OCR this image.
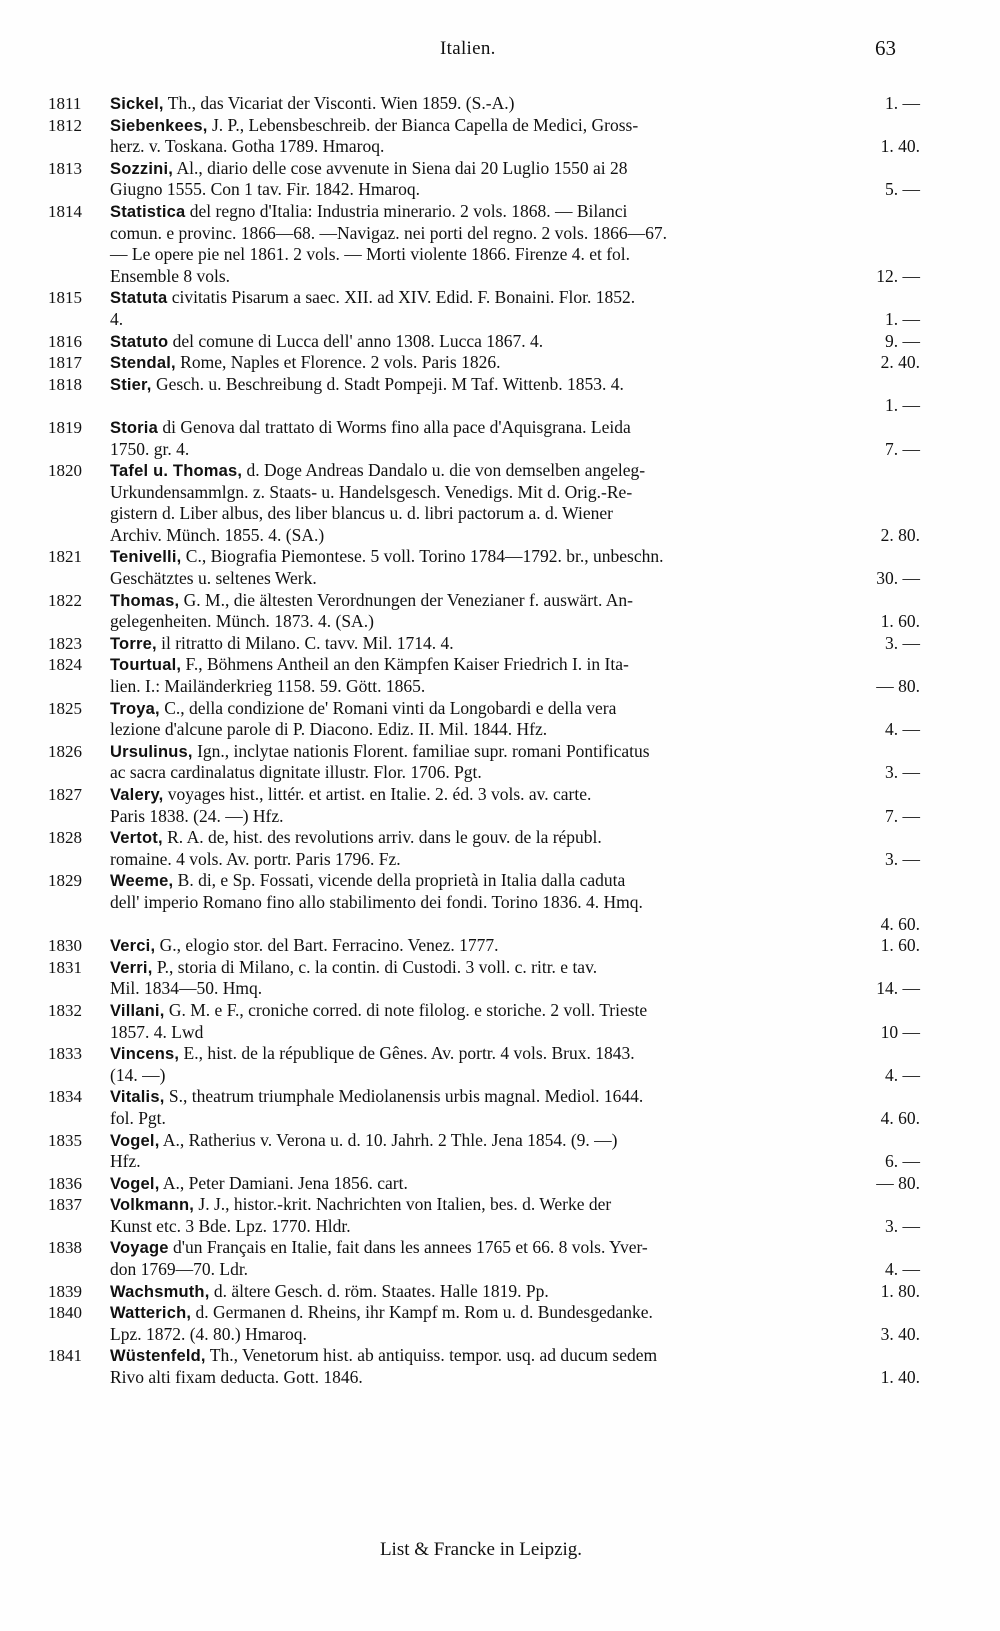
Italien.	63
1811	Sickel, Th., das Vicariat der Visconti. Wien 1859. (S.-A.)	1. —
1812	Siebenkees, J. P., Lebensbeschreib. der Bianca Capella de Medici, Gross-
herz. v. Toskana. Gotha 1789. Hmaroq.	1. 40.
1813	Sozzini, Al., diario delle cose avvenute in Siena dai 20 Luglio 1550 ai 28
Giugno 1555. Con 1 tav. Fir. 1842. Hmaroq.	5. —
1814	Statistica del regno d'Italia: Industria minerario. 2 vols. 1868. — Bilanci
comun. e provinc. 1866—68. —Navigaz. nei porti del regno. 2 vols. 1866—67.
— Le opere pie nel 1861. 2 vols. — Morti violente 1866. Firenze 4. et fol.
Ensemble 8 vols.	12. —
1815	Statuta civitatis Pisarum a saec. XII. ad XIV. Edid. F. Bonaini. Flor. 1852.
4.	1. —
1816	Statuto del comune di Lucca dell' anno 1308. Lucca 1867. 4.	9. —
1817	Stendal, Rome, Naples et Florence. 2 vols. Paris 1826.	2. 40.
1818	Stier, Gesch. u. Beschreibung d. Stadt Pompeji. M Taf. Wittenb. 1853. 4.
1. —
1819	Storia di Genova dal trattato di Worms fino alla pace d'Aquisgrana. Leida
1750. gr. 4.	7. —
1820	Tafel u. Thomas, d. Doge Andreas Dandalo u. die von demselben angeleg-
Urkundensammlgn. z. Staats- u. Handelsgesch. Venedigs. Mit d. Orig.-Re-
gistern d. Liber albus, des liber blancus u. d. libri pactorum a. d. Wiener
Archiv. Münch. 1855. 4. (SA.)	2. 80.
1821	Tenivelli, C., Biografia Piemontese. 5 voll. Torino 1784—1792. br., unbeschn.
Geschätztes u. seltenes Werk.	30. —
1822	Thomas, G. M., die ältesten Verordnungen der Venezianer f. auswärt. An-
gelegenheiten. Münch. 1873. 4. (SA.)	1. 60.
1823	Torre, il ritratto di Milano. C. tavv. Mil. 1714. 4.	3. —
1824	Tourtual, F., Böhmens Antheil an den Kämpfen Kaiser Friedrich I. in Ita-
lien. I.: Mailänderkrieg 1158. 59. Gött. 1865.	— 80.
1825	Troya, C., della condizione de' Romani vinti da Longobardi e della vera
lezione d'alcune parole di P. Diacono. Ediz. II. Mil. 1844. Hfz.	4. —
1826	Ursulinus, Ign., inclytae nationis Florent. familiae supr. romani Pontificatus
ac sacra cardinalatus dignitate illustr. Flor. 1706. Pgt.	3. —
1827	Valery, voyages hist., littér. et artist. en Italie. 2. éd. 3 vols. av. carte.
Paris 1838. (24. —) Hfz.	7. —
1828	Vertot, R. A. de, hist. des revolutions arriv. dans le gouv. de la républ.
romaine. 4 vols. Av. portr. Paris 1796. Fz.	3. —
1829	Weeme, B. di, e Sp. Fossati, vicende della proprietà in Italia dalla caduta
dell' imperio Romano fino allo stabilimento dei fondi. Torino 1836. 4. Hmq.
4. 60.
1830	Verci, G., elogio stor. del Bart. Ferracino. Venez. 1777.	1. 60.
1831	Verri, P., storia di Milano, c. la contin. di Custodi. 3 voll. c. ritr. e tav.
Mil. 1834—50. Hmq.	14. —
1832	Villani, G. M. e F., croniche corred. di note filolog. e storiche. 2 voll. Trieste
1857. 4. Lwd	10 —
1833	Vincens, E., hist. de la république de Gênes. Av. portr. 4 vols. Brux. 1843.
(14. —)	4. —
1834	Vitalis, S., theatrum triumphale Mediolanensis urbis magnal. Mediol. 1644.
fol. Pgt.	4. 60.
1835	Vogel, A., Ratherius v. Verona u. d. 10. Jahrh. 2 Thle. Jena 1854. (9. —)
Hfz.	6. —
1836	Vogel, A., Peter Damiani. Jena 1856. cart.	— 80.
1837	Volkmann, J. J., histor.-krit. Nachrichten von Italien, bes. d. Werke der
Kunst etc. 3 Bde. Lpz. 1770. Hldr.	3. —
1838	Voyage d'un Français en Italie, fait dans les annees 1765 et 66. 8 vols. Yver-
don 1769—70. Ldr.	4. —
1839	Wachsmuth, d. ältere Gesch. d. röm. Staates. Halle 1819. Pp.	1. 80.
1840	Watterich, d. Germanen d. Rheins, ihr Kampf m. Rom u. d. Bundesgedanke.
Lpz. 1872. (4. 80.) Hmaroq.	3. 40.
1841	Wüstenfeld, Th., Venetorum hist. ab antiquiss. tempor. usq. ad ducum sedem
Rivo alti fixam deducta. Gott. 1846.	1. 40.
List & Francke in Leipzig.
